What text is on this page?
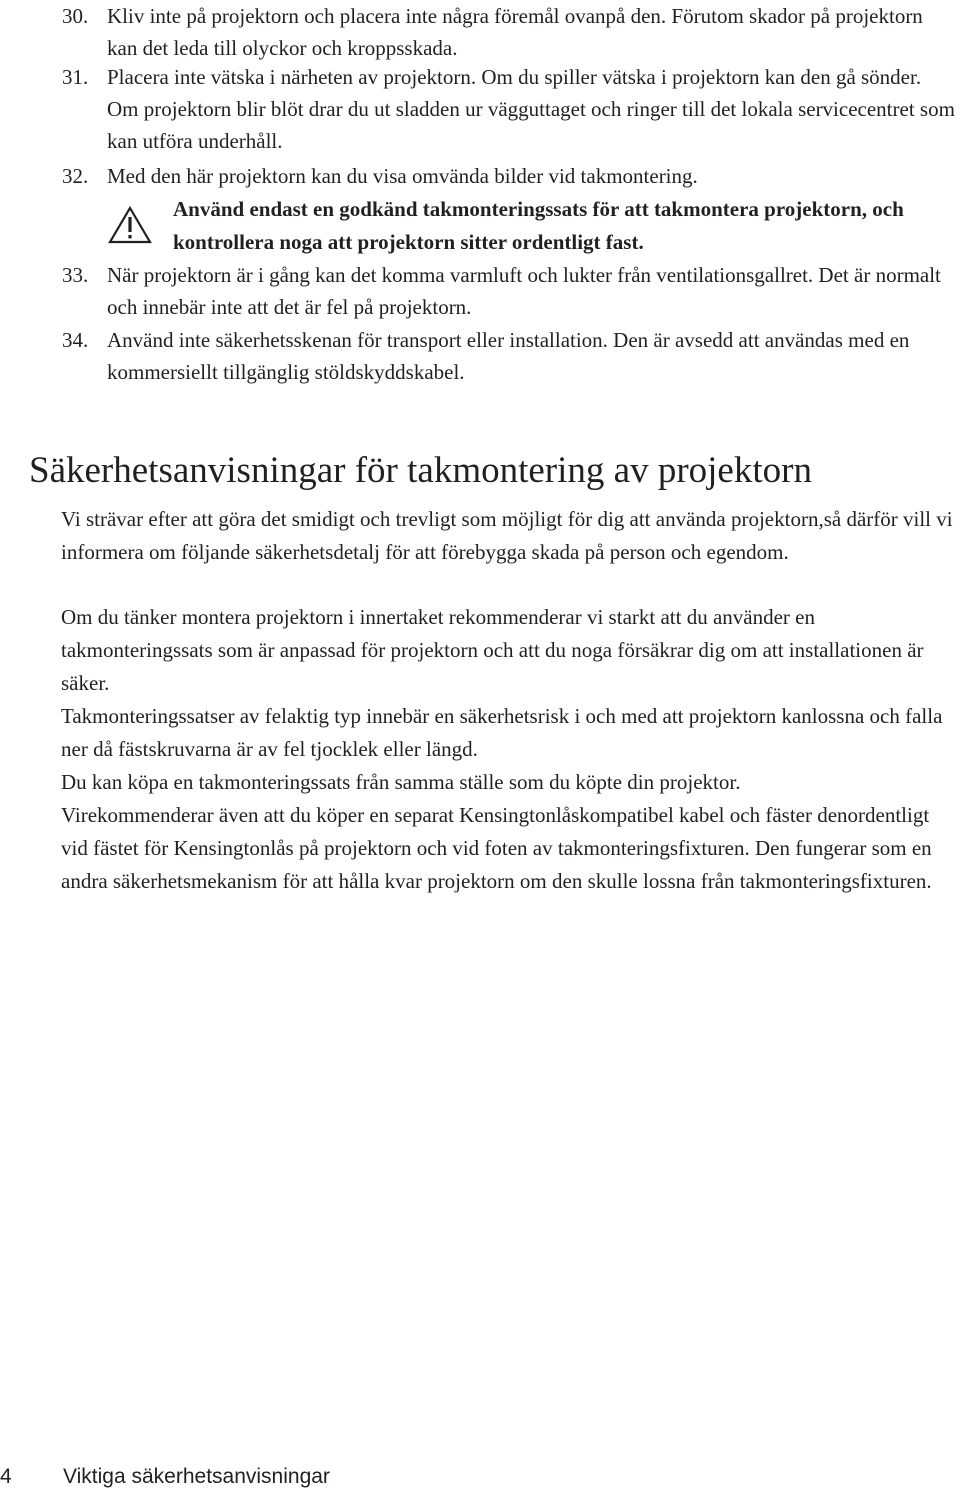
30. Kliv inte på projektorn och placera inte några föremål ovanpå den. Förutom skador på projektorn kan det leda till olyckor och kroppsskada.
31. Placera inte vätska i närheten av projektorn. Om du spiller vätska i projektorn kan den gå sönder. Om projektorn blir blöt drar du ut sladden ur vägguttaget och ringer till det lokala servicecentret som kan utföra underhåll.
32. Med den här projektorn kan du visa omvända bilder vid takmontering.
Använd endast en godkänd takmonteringssats för att takmontera projektorn, och kontrollera noga att projektorn sitter ordentligt fast.
33. När projektorn är i gång kan det komma varmluft och lukter från ventilationsgallret. Det är normalt och innebär inte att det är fel på projektorn.
34. Använd inte säkerhetsskenan för transport eller installation. Den är avsedd att användas med en kommersiellt tillgänglig stöldskyddskabel.
Säkerhetsanvisningar för takmontering av projektorn

Vi strävar efter att göra det smidigt och trevligt som möjligt för dig att använda projektorn,så därför vill vi informera om följande säkerhetsdetalj för att förebygga skada på person och egendom.

Om du tänker montera projektorn i innertaket rekommenderar vi starkt att du använder en takmonteringssats som är anpassad för projektorn och att du noga försäkrar dig om att installationen är säker.

Takmonteringssatser av felaktig typ innebär en säkerhetsrisk i och med att projektorn kanlossna och falla ner då fästskruvarna är av fel tjocklek eller längd.

Du kan köpa en takmonteringssats från samma ställe som du köpte din projektor.

Virekommenderar även att du köper en separat Kensingtonlåskompatibel kabel och fäster denordentligt vid fästet för Kensingtonlås på projektorn och vid foten av takmonteringsfixturen. Den fungerar som en andra säkerhetsmekanism för att hålla kvar projektorn om den skulle lossna från takmonteringsfixturen.

4 Viktiga säkerhetsanvisningar
